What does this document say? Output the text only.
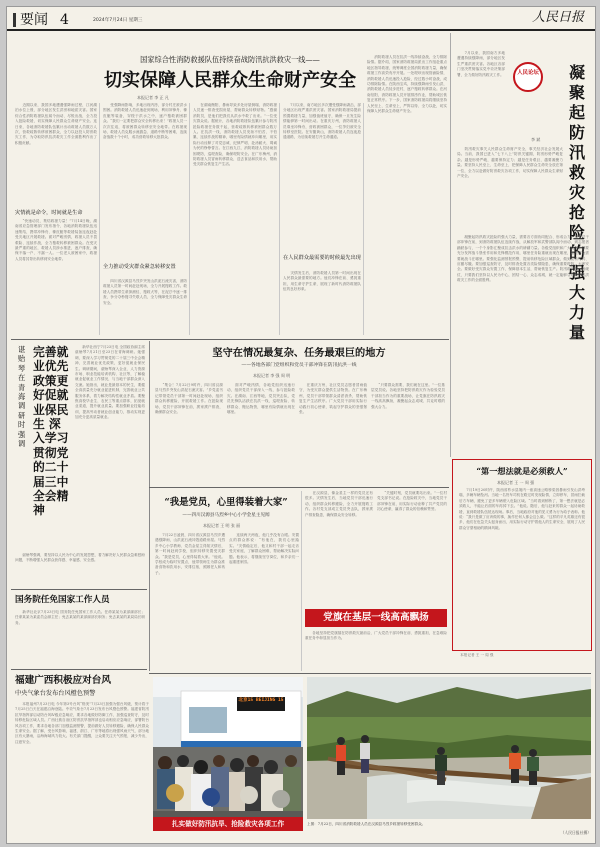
要闻 4	2024年7月24日 星期三	人民日报
国家综合性消防救援队伍持续奋战防汛抗洪救灾一线——
切实保障人民群众生命财产安全
本报记者 李 正 凡
　　近期以来，我国多地遭遇强降雨过程，江河湖泊水位上涨，部分地区发生洪涝和地质灾害。国家综合性消防救援队伍闻令而动、尽锐出战，全力投入抢险救援，切实保障人民群众生命财产安全。连日来，各地消防救援队伍累计出动救援人员数万人次，营救疏散转移被困群众，全力以赴投入防汛救灾工作，为夺取防汛抗洪救灾工作全面胜利作出了积极贡献。
灾情就是命令，时间就是生命
　　“快速动员，集结救援力量！”7月14日晚，湖南省应急管理部门发布指令，各地消防救援队伍迅速集结，携带冲锋舟、橡皮艇等救援装备连夜赶赴受灾地区开展救援。面对严峻汛情，救援人员不畏艰险、连续作战，全力搜救转移被困群众。在受灾最严重的地区，救援人员涉水推进，逐户排查，确保不落一户、不漏一人。一位老人被困家中，救援人员将其背出转移到安全地带。
　　受强降雨影响，多地出现内涝，部分村庄被洪水围困。消防救援人员迅速赶到现场，利用冲锋舟、橡皮艇等装备，穿梭于洪水之中，逐户搜救被困群众。“我们一定要把群众安全转移出来！”救援人员一次次往返，将被困群众转移至安全地带。在救援现场，救援人员克服水流湍急、道路中断等困难，连续奋战数十个小时，成功营救转移大批群众。
全力推动受灾群众紧急转移安置
　　四川省汉源县马烈乡突发山洪泥石流灾害，消防救援人员第一时间赶赴现场，全力开展搜救工作。救援人员携带生命探测仪、搜救犬等，在泥泞中逐一排查，争分夺秒搜寻失联人员，全力保障受灾群众生命安全。
　　在湖南衡阳，暴雨导致多处房屋倒塌，消防救援人员逐一排查受损房屋，帮助群众转移财物。“感谢消防员，是他们把我们从洪水中救了出来。”一位受灾群众说。据统计，各地消防救援队伍累计参与防汛抢险救援任务数千起，营救疏散转移被困群众数万人。在抗洪一线，消防救援人员发扬不怕苦、不怕累、连续作战的精神，哪里有险情就冲向哪里，用实际行动诠释了对党忠诚、纪律严明、赴汤蹈火、竭诚为民的铮铮誓言。在江西九江，消防救援人员协助加固堤防，巡堤查险，确保堤防安全。在广东梅州，消防救援人员冒雨转移群众，送去食品和饮用水，帮助受灾群众恢复生产生活。
　　7月以来，南方地区多次遭受强降雨袭击，部分地区出现严重洪涝灾害。国家消防救援局提前预置救援力量，加强值班值守，确保一旦发生险情能够第一时间出动。在重庆万州，消防救援人员乘坐冲锋舟，营救被困群众，一位孕妇被安全转移至医院。在安徽黄山，消防救援人员连夜抢通道路，为后续救援打开生命通道。
在人民群众最需要的时候最先出现
　　灾情发生后，消防救援人员第一时间出现在人民群众最需要的地方。他们冲锋在前、勇挑重担，用生命守护生命，展现了新时代消防救援队伍的良好形象。
　　消防救援人员在抗洪一线持续奋战，全力排除险情。据介绍，国家消防救援局派出工作组赴重点地区指导救援，统筹调度全国消防救援力量，确保救援工作高效有序开展。一处堤坝出现管涌险情，消防救援人员迅速投入抢险，经过数小时奋战，成功排除险情。在陕西宝鸡，持续强降雨引发山洪，消防救援人员徒步进村，逐户搜救转移群众。在河南信阳，消防救援人员开展排涝作业，帮助城区恢复正常秩序。下一步，国家消防救援局将继续坚持人民至上、生命至上，严阵以待、全力以赴，切实保障人民群众生命财产安全。
人民论坛 凝聚起防汛救灾抢险的强大力量
李 斌
　　7月以来，我国南方多地遭遇持续强降雨，部分地区发生严重洪涝灾害。各地区各部门坚决贯彻落实党中央决策部署，全力做好防汛救灾工作。
　　防汛救灾事关人民群众生命财产安全，事关经济社会发展大局。当前，我国已进入“七下八上”防汛关键期，防汛形势严峻复杂。越是形势严峻，越要保持定力；越是任务艰巨，越要凝聚力量。要坚持人民至上、生命至上，把保障人民群众生命安全放在第一位，全力以赴做好防汛救灾各项工作，切实保障人民群众生命财产安全。
　　凝聚起防汛救灾抢险的强大力量，需要各方面协同配合、形成合力。从党员干部冲锋在前，到消防救援队伍连续作战，从解放军和武警部队闻令而动，到志愿者踊跃参与，一个个身影汇聚成抗击洪水的磅礴力量。各级党组织和广大党员干部要充分发挥战斗堡垒作用和先锋模范作用，哪里任务险重就出现在哪里，哪里群众需要就战斗在哪里。要强化监测预报预警，提前转移危险区域群众，做到应转尽转、应撤尽撤。要加强巡查防守，及时排查处置各类险情隐患，确保重要堤防、水库安全。要做好受灾群众安置工作，保障基本生活，帮助恢复生产。防汛救灾是一场硬仗，只要我们坚持以人民为中心，团结一心、众志成城，就一定能够夺取防汛抗洪救灾工作的全面胜利。
谌贻琴在青海调研时强调
完善就业优先政策更好促就业保民生 深入学习贯彻党的二十届三中全会精神
　　新华社西宁7月23日电 全国政协副主席谌贻琴7月21日至23日在青海调研。她强调，要深入学习贯彻党的二十届三中全会精神，完善就业优先政策，更好促就业保民生。调研期间，谌贻琴深入企业、人力资源市场、职业技能培训机构、社区等，了解稳就业促就业工作情况，与当地干部群众深入交流。她指出，就业是最基本的民生，要健全高质量充分就业促进机制，完善就业公共服务体系，着力解决结构性就业矛盾。要聚焦高校毕业生、农民工等重点群体，拓宽就业渠道，提升就业质量。要加强职业技能培训，提高劳动者就业创业能力，推动实现更加充分更高质量就业。
　　谌贻琴强调，要坚持以人民为中心的发展思想，着力解决好人民群众急难愁盼问题，不断增强人民群众获得感、幸福感、安全感。
国务院任免国家工作人员
　　新华社北京7月23日电 国务院任免国家工作人员。任命某某为某部副部长；任命某某为某委员会副主任；免去某某的某部副部长职务；免去某某的某局局长职务。
福建广西积极应对台风
中央气象台发布台风橙色预警
　　本报福州7月23日电 今年第3号台风“格美”7月23日加强为强台风级，预计将于7月25日白天在福建沿海登陆。中央气象台7月23日发布台风橙色预警。福建省防汛抗旱指挥部启动防台风Ⅳ级应急响应，要求各地做好防御工作，加强巡查防守，及时转移危险区域人员。广西壮族自治区防汛抗旱指挥部也启动相应应急响应，部署防台风各项工作，要求各地各部门加强监测预警，提前做好人员转移避险，确保人民群众生命安全。据了解，受台风影响，福建、浙江、广东等地将出现强风雨天气，部分地区有大暴雨，沿海海域风力较大。有关部门提醒，公众要关注天气预报，减少外出，注意安全。
坚守在情况最复杂、任务最艰巨的地方
——各地各部门党组织和党员干部冲锋在防汛抗洪一线
本报记者 李 强 周 明
　　“集合！7月22日9时许，四川省汉源县马烈乡突发山洪泥石流灾害。”乡党委书记带领党员干部第一时间赶赴现场，组织群众转移避险，开展救援工作。在抢险现场，党员干部冲锋在前，挨家挨户排查，确保群众安全。
　　面对严峻汛情，各地党组织迅速行动，组织党员干部深入一线，参与抢险救灾。在湖南、江西等地，党员突击队、党员先锋队活跃在抗洪一线，巡堤查险、转移群众、搬运物资，哪里有险情就出现在哪里。
　　在重庆万州，社区党员志愿者冒雨值守，为受灾群众提供生活物资。在广东梅州，党员干部带领群众清淤消杀，帮助恢复生产生活秩序。广大党员干部用实际行动践行初心使命，筑起守护群众的坚强堡垒。
　　“只要群众需要，我们就在这里。”一位基层党员说。各地坚持把防汛救灾作为检验党员干部担当作为的重要战场，让党旗在防汛救灾一线高高飘扬，凝聚起众志成城、共克时艰的强大合力。
“第一想法就是必须救人”
本报记者 王 一 周 强
　　7月19日20时许，陕西省柞水县境内一座高速公路桥梁因暴雨引发山洪垮塌，多辆车辆坠河。当地一名货车司机在路过时发现险情，立即停车，冒雨拦截后方车辆，避免了更多车辆驶入危险区域。“当时看到桥断了，第一想法就是必须救人，不能让后面的车再掉下去。”他说。随后，他与赶来的群众一起协助救援，直到救援队伍抵达现场。事后，当地政府对他的见义勇为行为给予表彰。他说：“我只是做了应该做的事，换作任何人都会这么做。”这样的平凡英雄还有很多，他们在危急关头挺身而出，用实际行动守护着他人的生命安全，展现了人民群众守望相助的精神风貌。
“我是党员，心里得装着大家”
——四川汉源县马烈乡中心小学金星主见闻
本报记者 王 明 张 丽
　　7月22日凌晨，四川省汉源县马烈乡遭遇强降雨，山洪泥石流冲毁道路房屋。马烈乡中心小学教师、党员金星主得知灾情后，第一时间赶到学校，组织转移安置受灾群众。“我是党员，心里得装着大家。”他说。学校成为临时安置点，他带领师生为群众准备食物和饮用水，安排住宿，照顾老人和孩子。
　　连续两天两夜，他几乎没有合眼。安置点的群众都说：“有他在，我们心里踏实。”灾情稳定后，他又和村干部一起走访受灾家庭，了解群众困难，帮助解决实际问题。他表示，将继续坚守岗位，和乡亲们一起重建家园。
　　在汉源县，像金星主一样的党员还有很多。灾情发生后，当地党员干部迅速行动，组织群众转移避险，全力开展搜救工作。各村党支部成立党员突击队，挨家挨户排查隐患，确保群众安全转移。
　　“关键时刻，党员就要站出来。”一位村党支部书记说。在抢险救灾中，当地党员干部冲锋在前，用实际行动诠释了共产党员的初心使命，赢得了群众的信赖和赞誉。
党旗在基层一线高高飘扬
　　各地坚持把党旗插在防汛救灾最前沿，广大党员干部冲锋在前、勇挑重担，在急难险重任务中彰显担当作为。
　　本报记者 王 一 周 强
北京15 BEIJING 15
扎实做好防汛抗旱、抢险救灾各项工作	上图：7月22日，四川省消防救援人员在汉源县马烈乡救援转移受困群众。
（人民日报社摄）
